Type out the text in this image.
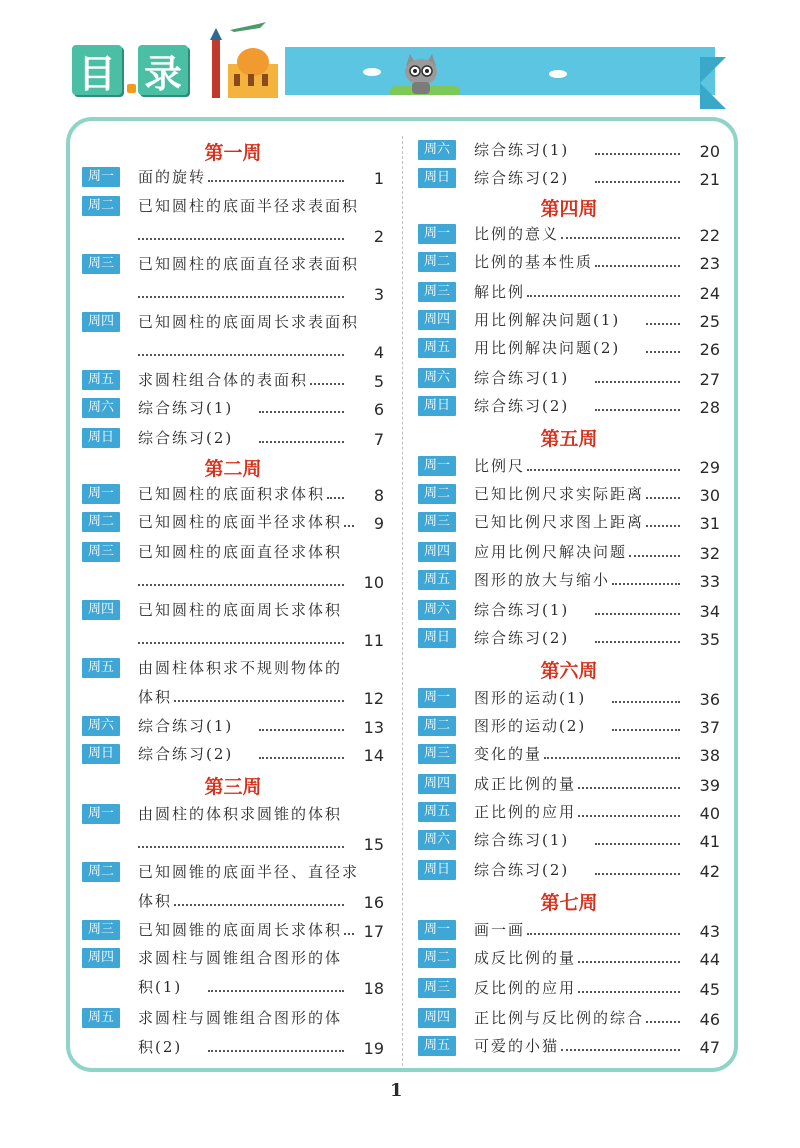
目 录
第一周
周一	面的旋转	1
周二	已知圆柱的底面半径求表面积
2
周三	已知圆柱的底面直径求表面积
3
周四	已知圆柱的底面周长求表面积
4
周五	求圆柱组合体的表面积	5
周六	综合练习(1)	6
周日	综合练习(2)	7
第二周
周一	已知圆柱的底面积求体积	8
周二	已知圆柱的底面半径求体积	9
周三	已知圆柱的底面直径求体积
10
周四	已知圆柱的底面周长求体积
11
周五	由圆柱体积求不规则物体的
体积	12
周六	综合练习(1)	13
周日	综合练习(2)	14
第三周
周一	由圆柱的体积求圆锥的体积
15
周二	已知圆锥的底面半径、直径求
体积	16
周三	已知圆锥的底面周长求体积	17
周四	求圆柱与圆锥组合图形的体
积(1)	18
周五	求圆柱与圆锥组合图形的体
积(2)	19
周六	综合练习(1)	20
周日	综合练习(2)	21
第四周
周一	比例的意义	22
周二	比例的基本性质	23
周三	解比例	24
周四	用比例解决问题(1)	25
周五	用比例解决问题(2)	26
周六	综合练习(1)	27
周日	综合练习(2)	28
第五周
周一	比例尺	29
周二	已知比例尺求实际距离	30
周三	已知比例尺求图上距离	31
周四	应用比例尺解决问题	32
周五	图形的放大与缩小	33
周六	综合练习(1)	34
周日	综合练习(2)	35
第六周
周一	图形的运动(1)	36
周二	图形的运动(2)	37
周三	变化的量	38
周四	成正比例的量	39
周五	正比例的应用	40
周六	综合练习(1)	41
周日	综合练习(2)	42
第七周
周一	画一画	43
周二	成反比例的量	44
周三	反比例的应用	45
周四	正比例与反比例的综合	46
周五	可爱的小猫	47
1
